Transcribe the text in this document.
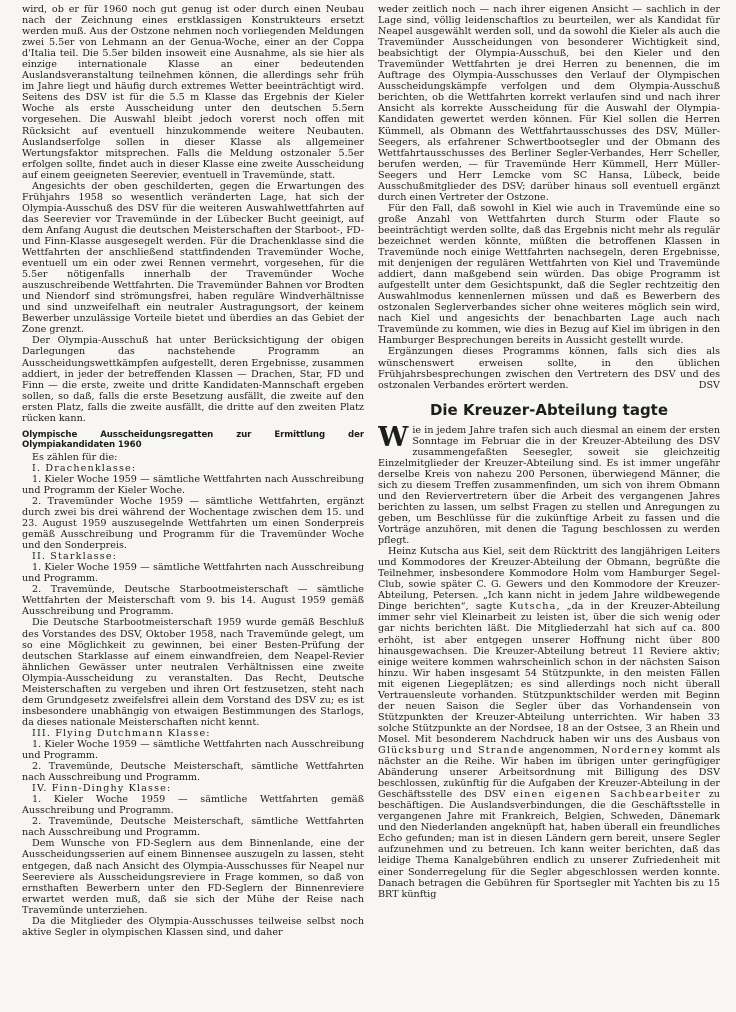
wird, ob er für 1960 noch gut genug ist oder durch einen Neubau nach der Zeichnung eines erstklassigen Konstrukteurs ersetzt werden muß. Aus der Ostzone nehmen noch vorliegenden Meldungen zwei 5.5er von Lehmann an der Genua-Woche, einer an der Coppa d'Italia teil. Die 5.5er bilden insoweit eine Ausnahme, als sie hier als einzige internationale Klasse an einer bedeutenden Auslandsveranstaltung teilnehmen können, die allerdings sehr früh im Jahre liegt und häufig durch extremes Wetter beeinträchtigt wird. Seitens des DSV ist für die 5.5 m Klasse das Ergebnis der Kieler Woche als erste Ausscheidung unter den deutschen 5.5ern vorgesehen. Die Auswahl bleibt jedoch vorerst noch offen mit Rücksicht auf eventuell hinzukommende weitere Neubauten. Auslandserfolge sollen in dieser Klasse als allgemeiner Wertungsfaktor mitsprechen. Falls die Meldung ostzonaler 5.5er erfolgen sollte, findet auch in dieser Klasse eine zweite Ausscheidung auf einem geeigneten Seerevier, eventuell in Travemünde, statt.

Angesichts der oben geschilderten, gegen die Erwartungen des Frühjahrs 1958 so wesentlich veränderten Lage, hat sich der Olympia-Ausschuß des DSV für die weiteren Auswahlwettfahrten auf das Seerevier vor Travemünde in der Lübecker Bucht geeinigt, auf dem Anfang August die deutschen Meisterschaften der Starboot-, FD- und Finn-Klasse ausgesegelt werden. Für die Drachenklasse sind die Wettfahrten der anschließend stattfindenden Travemünder Woche, eventuell um ein oder zwei Rennen vermehrt, vorgesehen, für die 5.5er nötigenfalls innerhalb der Travemünder Woche auszuschreibende Wettfahrten. Die Travemünder Bahnen vor Brodten und Niendorf sind strömungsfrei, haben reguläre Windverhältnisse und sind unzweifelhaft ein neutraler Austragungsort, der keinem Bewerber unzulässige Vorteile bietet und überdies an das Gebiet der Zone grenzt.

Der Olympia-Ausschuß hat unter Berücksichtigung der obigen Darlegungen das nachstehende Programm an Ausscheidungswettkämpfen aufgestellt, deren Ergebnisse, zusammen addiert, in jeder der betreffenden Klassen — Drachen, Star, FD und Finn — die erste, zweite und dritte Kandidaten-Mannschaft ergeben sollen, so daß, falls die erste Besetzung ausfällt, die zweite auf den ersten Platz, falls die zweite ausfällt, die dritte auf den zweiten Platz rücken kann.

Olympische Ausscheidungsregatten zur Ermittlung der Olympiakandidaten 1960

Es zählen für die:

I. Drachenklasse:

1. Kieler Woche 1959 — sämtliche Wettfahrten nach Ausschreibung und Programm der Kieler Woche.

2. Travemünder Woche 1959 — sämtliche Wettfahrten, ergänzt durch zwei bis drei während der Wochentage zwischen dem 15. und 23. August 1959 auszusegelnde Wettfahrten um einen Sonderpreis gemäß Ausschreibung und Programm für die Travemünder Woche und den Sonderpreis.

II. Starklasse:

1. Kieler Woche 1959 — sämtliche Wettfahrten nach Ausschreibung und Programm.

2. Travemünde, Deutsche Starbootmeisterschaft — sämtliche Wettfahrten der Meisterschaft vom 9. bis 14. August 1959 gemäß Ausschreibung und Programm.

Die Deutsche Starbootmeisterschaft 1959 wurde gemäß Beschluß des Vorstandes des DSV, Oktober 1958, nach Travemünde gelegt, um so eine Möglichkeit zu gewinnen, bei einer Besten-Prüfung der deutschen Starklasse auf einem einwandfreien, dem Neapel-Revier ähnlichen Gewässer unter neutralen Verhältnissen eine zweite Olympia-Ausscheidung zu veranstalten. Das Recht, Deutsche Meisterschaften zu vergeben und ihren Ort festzusetzen, steht nach dem Grundgesetz zweifelsfrei allein dem Vorstand des DSV zu; es ist insbesondere unabhängig von etwaigen Bestimmungen des Starlogs, da dieses nationale Meisterschaften nicht kennt.

III. Flying Dutchmann Klasse:

1. Kieler Woche 1959 — sämtliche Wettfahrten nach Ausschreibung und Programm.

2. Travemünde, Deutsche Meisterschaft, sämtliche Wettfahrten nach Ausschreibung und Programm.

IV. Finn-Dinghy Klasse:

1. Kieler Woche 1959 — sämtliche Wettfahrten gemäß Ausschreibung und Programm.

2. Travemünde, Deutsche Meisterschaft, sämtliche Wettfahrten nach Ausschreibung und Programm.

Dem Wunsche von FD-Seglern aus dem Binnenlande, eine der Ausscheidungsserien auf einem Binnensee auszugeln zu lassen, steht entgegen, daß nach Ansicht des Olympia-Ausschusses für Neapel nur Seereviere als Ausscheidungsreviere in Frage kommen, so daß von ernsthaften Bewerbern unter den FD-Seglern der Binnenreviere erwartet werden muß, daß sie sich der Mühe der Reise nach Travemünde unterziehen.

Da die Mitglieder des Olympia-Ausschusses teilweise selbst noch aktive Segler in olympischen Klassen sind, und daher

weder zeitlich noch — nach ihrer eigenen Ansicht — sachlich in der Lage sind, völlig leidenschaftlos zu beurteilen, wer als Kandidat für Neapel ausgewählt werden soll, und da sowohl die Kieler als auch die Travemünder Ausscheidungen von besonderer Wichtigkeit sind, beabsichtigt der Olympia-Ausschuß, bei den Kieler und den Travemünder Wettfahrten je drei Herren zu benennen, die im Auftrage des Olympia-Ausschusses den Verlauf der Olympischen Ausscheidungskämpfe verfolgen und dem Olympia-Ausschuß berichten, ob die Wettfahrten korrekt verlaufen sind und nach ihrer Ansicht als korrekte Ausscheidung für die Auswahl der Olympia-Kandidaten gewertet werden können. Für Kiel sollen die Herren Kümmell, als Obmann des Wettfahrtausschusses des DSV, Müller-Seegers, als erfahrener Schwertbootsegler und der Obmann des Wettfahrtausschusses des Berliner Segler-Verbandes, Herr Scheller, berufen werden, — für Travemünde Herr Kümmell, Herr Müller-Seegers und Herr Lemcke vom SC Hansa, Lübeck, beide Ausschußmitglieder des DSV; darüber hinaus soll eventuell ergänzt durch einen Vertreter der Ostzone.

Für den Fall, daß sowohl in Kiel wie auch in Travemünde eine so große Anzahl von Wettfahrten durch Sturm oder Flaute so beeinträchtigt werden sollte, daß das Ergebnis nicht mehr als regulär bezeichnet werden könnte, müßten die betroffenen Klassen in Travemünde noch einige Wettfahrten nachsegeln, deren Ergebnisse, mit denjenigen der regulären Wettfahrten von Kiel und Travemünde addiert, dann maßgebend sein würden. Das obige Programm ist aufgestellt unter dem Gesichtspunkt, daß die Segler rechtzeitig den Auswahlmodus kennenlernen müssen und daß es Bewerbern des ostzonalen Seglerverbandes sicher ohne weiteres möglich sein wird, nach Kiel und angesichts der benachbarten Lage auch nach Travemünde zu kommen, wie dies in Bezug auf Kiel im übrigen in den Hamburger Besprechungen bereits in Aussicht gestellt wurde.

Ergänzungen dieses Programms können, falls sich dies als wünschenswert erweisen sollte, in den üblichen Frühjahrsbesprechungen zwischen den Vertretern des DSV und des ostzonalen Verbandes erörtert werden.	DSV

Die Kreuzer-Abteilung tagte

Wie in jedem Jahre trafen sich auch diesmal an einem der ersten Sonntage im Februar die in der Kreuzer-Abteilung des DSV zusammengefaßten Seesegler, soweit sie gleichzeitig Einzelmitglieder der Kreuzer-Abteilung sind. Es ist immer ungefähr derselbe Kreis von nahezu 200 Personen, überwiegend Männer, die sich zu diesem Treffen zusammenfinden, um sich von ihrem Obmann und den Reviervertretern über die Arbeit des vergangenen Jahres berichten zu lassen, um selbst Fragen zu stellen und Anregungen zu geben, um Beschlüsse für die zukünftige Arbeit zu fassen und die Vorträge anzuhören, mit denen die Tagung beschlossen zu werden pflegt.

Heinz Kutscha aus Kiel, seit dem Rücktritt des langjährigen Leiters und Kommodores der Kreuzer-Abteilung der Obmann, begrüßte die Teilnehmer, insbesondere Kommodore Holm vom Hamburger Segel-Club, sowie später C. G. Gewers und den Kommodore der Kreuzer-Abteilung, Petersen. „Ich kann nicht in jedem Jahre wildbewegende Dinge berichten“, sagte Kutscha, „da in der Kreuzer-Abteilung immer sehr viel Kleinarbeit zu leisten ist, über die sich wenig oder gar nichts berichten läßt. Die Mitgliederzahl hat sich auf ca. 800 erhöht, ist aber entgegen unserer Hoffnung nicht über 800 hinausgewachsen. Die Kreuzer-Abteilung betreut 11 Reviere aktiv; einige weitere kommen wahrscheinlich schon in der nächsten Saison hinzu. Wir haben insgesamt 54 Stützpunkte, in den meisten Fällen mit eigenen Liegeplätzen; es sind allerdings noch nicht überall Vertrauensleute vorhanden. Stützpunktschilder werden mit Beginn der neuen Saison die Segler über das Vorhandensein von Stützpunkten der Kreuzer-Abteilung unterrichten. Wir haben 33 solche Stützpunkte an der Nordsee, 18 an der Ostsee, 3 an Rhein und Mosel. Mit besonderem Nachdruck haben wir uns des Ausbaus von Glücksburg und Strande angenommen, Norderney kommt als nächster an die Reihe. Wir haben im übrigen unter geringfügiger Abänderung unserer Arbeitsordnung mit Billigung des DSV beschlossen, zukünftig für die Aufgaben der Kreuzer-Abteilung in der Geschäftsstelle des DSV einen eigenen Sachbearbeiter zu beschäftigen. Die Auslandsverbindungen, die die Geschäftsstelle in vergangenen Jahre mit Frankreich, Belgien, Schweden, Dänemark und den Niederlanden angeknüpft hat, haben überall ein freundliches Echo gefunden; man ist in diesen Ländern gern bereit, unsere Segler aufzunehmen und zu betreuen. Ich kann weiter berichten, daß das leidige Thema Kanalgebühren endlich zu unserer Zufriedenheit mit einer Sonderregelung für die Segler abgeschlossen werden konnte. Danach betragen die Gebühren für Sportsegler mit Yachten bis zu 15 BRT künftig
